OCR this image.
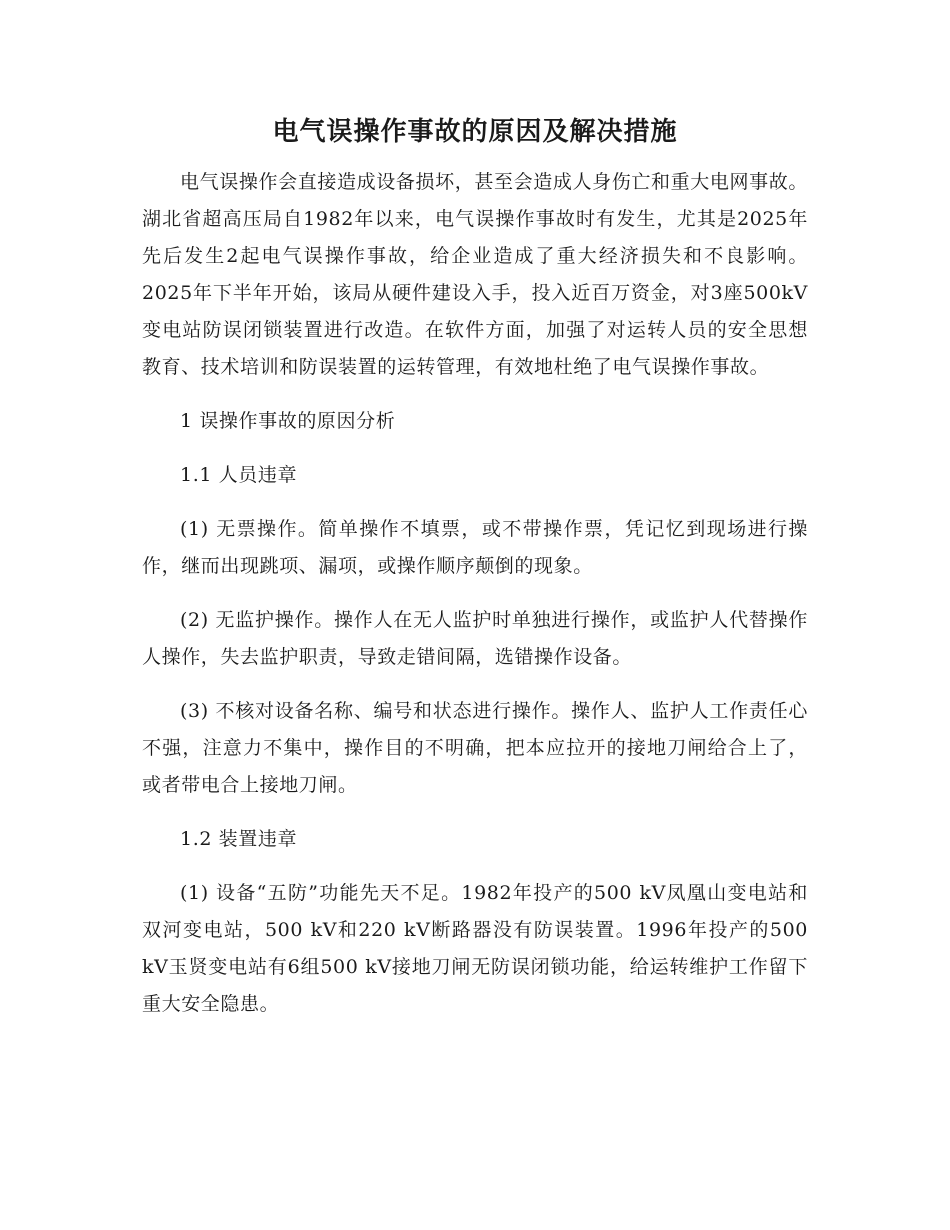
电气误操作事故的原因及解决措施

电气误操作会直接造成设备损坏，甚至会造成人身伤亡和重大电网事故。湖北省超高压局自1982年以来，电气误操作事故时有发生，尤其是2025年先后发生2起电气误操作事故，给企业造成了重大经济损失和不良影响。2025年下半年开始，该局从硬件建设入手，投入近百万资金，对3座500kV变电站防误闭锁装置进行改造。在软件方面，加强了对运转人员的安全思想教育、技术培训和防误装置的运转管理，有效地杜绝了电气误操作事故。

1 误操作事故的原因分析

1.1 人员违章

(1) 无票操作。简单操作不填票，或不带操作票，凭记忆到现场进行操作，继而出现跳项、漏项，或操作顺序颠倒的现象。

(2) 无监护操作。操作人在无人监护时单独进行操作，或监护人代替操作人操作，失去监护职责，导致走错间隔，选错操作设备。

(3) 不核对设备名称、编号和状态进行操作。操作人、监护人工作责任心不强，注意力不集中，操作目的不明确，把本应拉开的接地刀闸给合上了，或者带电合上接地刀闸。

1.2 装置违章

(1) 设备“五防”功能先天不足。1982年投产的500 kV凤凰山变电站和双河变电站，500 kV和220 kV断路器没有防误装置。1996年投产的500 kV玉贤变电站有6组500 kV接地刀闸无防误闭锁功能，给运转维护工作留下重大安全隐患。
